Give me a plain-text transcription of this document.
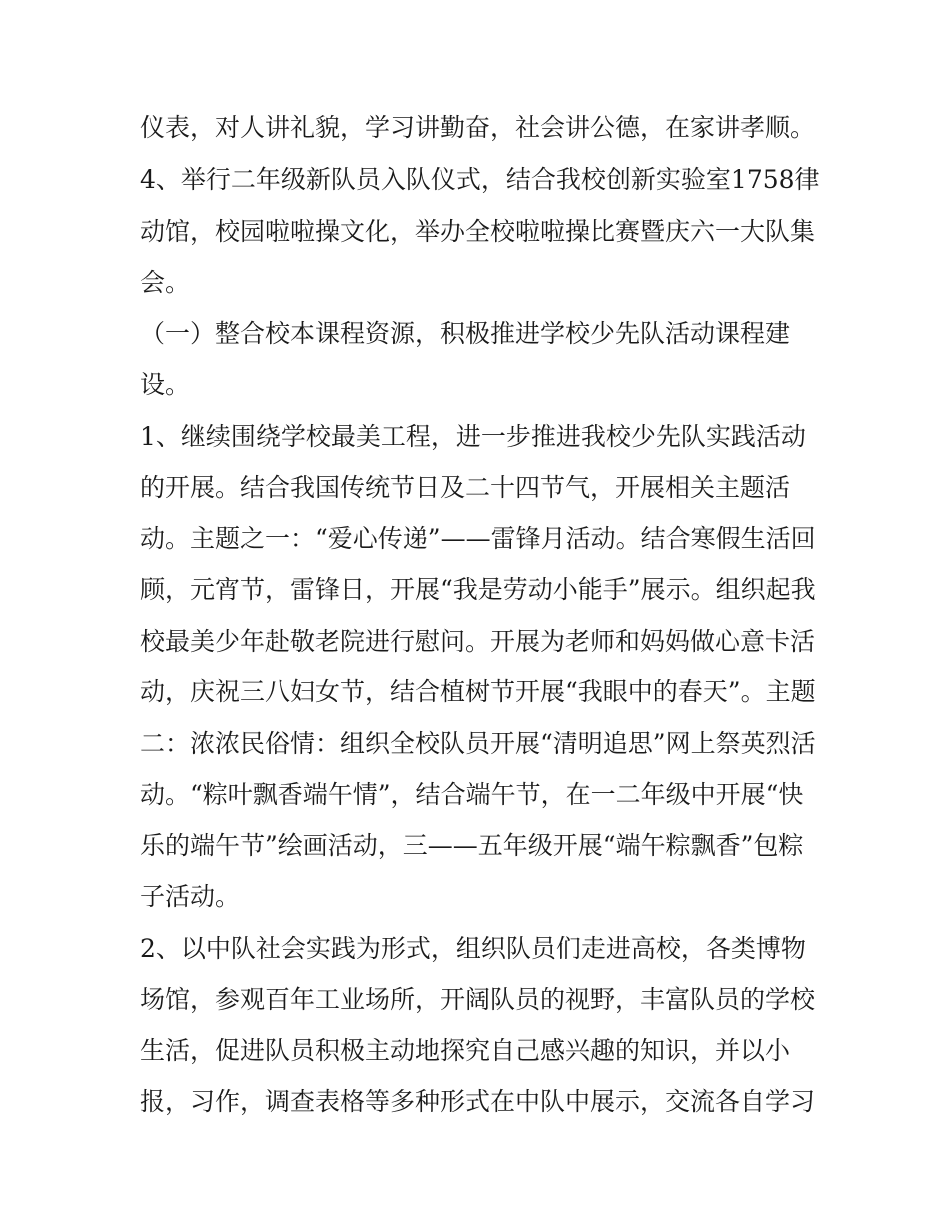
仪表，对人讲礼貌，学习讲勤奋，社会讲公德，在家讲孝顺。
4、举行二年级新队员入队仪式，结合我校创新实验室1758律
动馆，校园啦啦操文化，举办全校啦啦操比赛暨庆六一大队集
会。
（一）整合校本课程资源，积极推进学校少先队活动课程建
设。
1、继续围绕学校最美工程，进一步推进我校少先队实践活动
的开展。结合我国传统节日及二十四节气，开展相关主题活
动。主题之一：“爱心传递”——雷锋月活动。结合寒假生活回
顾，元宵节，雷锋日，开展“我是劳动小能手”展示。组织起我
校最美少年赴敬老院进行慰问。开展为老师和妈妈做心意卡活
动，庆祝三八妇女节，结合植树节开展“我眼中的春天”。主题
二：浓浓民俗情：组织全校队员开展“清明追思”网上祭英烈活
动。“粽叶飘香端午情”，结合端午节，在一二年级中开展“快
乐的端午节”绘画活动，三——五年级开展“端午粽飘香”包粽
子活动。
2、以中队社会实践为形式，组织队员们走进高校，各类博物
场馆，参观百年工业场所，开阔队员的视野，丰富队员的学校
生活，促进队员积极主动地探究自己感兴趣的知识，并以小
报，习作，调查表格等多种形式在中队中展示，交流各自学习
